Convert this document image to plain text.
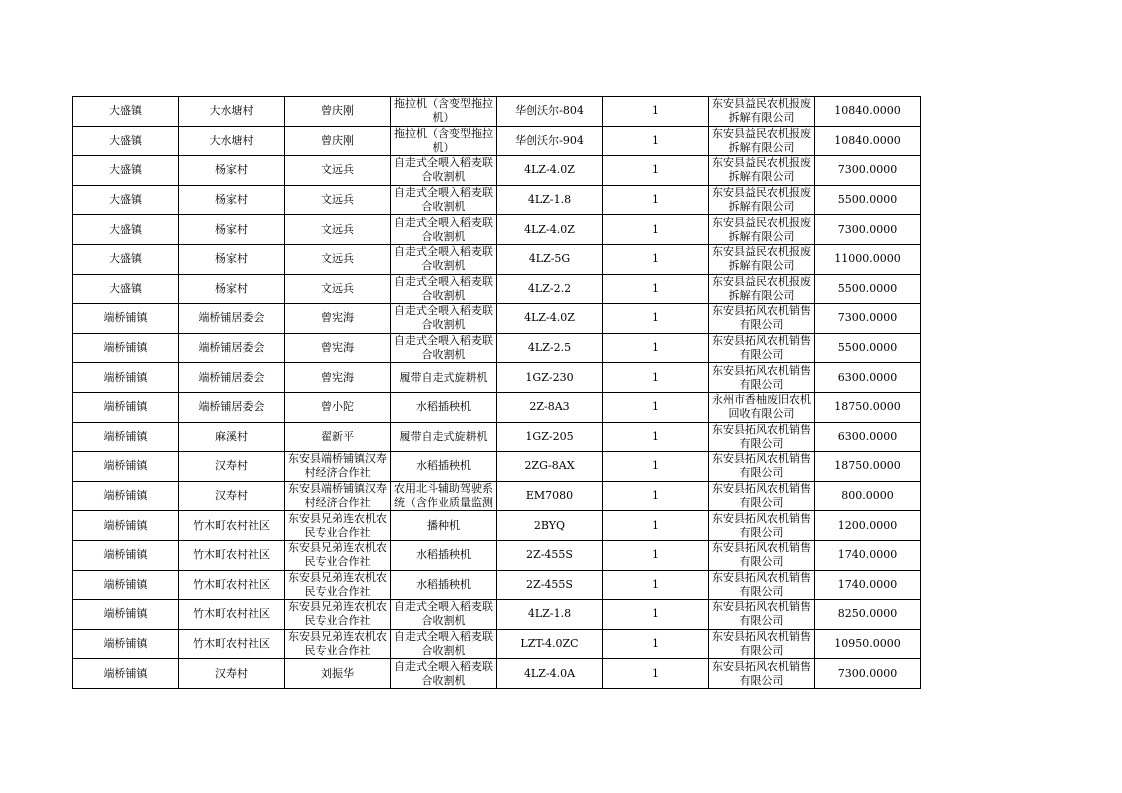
大盛镇	大水塘村	曾庆刚	拖拉机（含变型拖拉机）	华创沃尔-804	1	东安县益民农机报废拆解有限公司	10840.0000
大盛镇	大水塘村	曾庆刚	拖拉机（含变型拖拉机）	华创沃尔-904	1	东安县益民农机报废拆解有限公司	10840.0000
大盛镇	杨家村	文远兵	自走式全喂入稻麦联合收割机	4LZ-4.0Z	1	东安县益民农机报废拆解有限公司	7300.0000
大盛镇	杨家村	文远兵	自走式全喂入稻麦联合收割机	4LZ-1.8	1	东安县益民农机报废拆解有限公司	5500.0000
大盛镇	杨家村	文远兵	自走式全喂入稻麦联合收割机	4LZ-4.0Z	1	东安县益民农机报废拆解有限公司	7300.0000
大盛镇	杨家村	文远兵	自走式全喂入稻麦联合收割机	4LZ-5G	1	东安县益民农机报废拆解有限公司	11000.0000
大盛镇	杨家村	文远兵	自走式全喂入稻麦联合收割机	4LZ-2.2	1	东安县益民农机报废拆解有限公司	5500.0000
端桥铺镇	端桥铺居委会	曾宪海	自走式全喂入稻麦联合收割机	4LZ-4.0Z	1	东安县拓风农机销售有限公司	7300.0000
端桥铺镇	端桥铺居委会	曾宪海	自走式全喂入稻麦联合收割机	4LZ-2.5	1	东安县拓风农机销售有限公司	5500.0000
端桥铺镇	端桥铺居委会	曾宪海	履带自走式旋耕机	1GZ-230	1	东安县拓风农机销售有限公司	6300.0000
端桥铺镇	端桥铺居委会	曾小陀	水稻插秧机	2Z-8A3	1	永州市香柚废旧农机回收有限公司	18750.0000
端桥铺镇	麻溪村	翟新平	履带自走式旋耕机	1GZ-205	1	东安县拓风农机销售有限公司	6300.0000
端桥铺镇	汉寿村	东安县端桥铺镇汉寿村经济合作社	水稻插秧机	2ZG-8AX	1	东安县拓风农机销售有限公司	18750.0000
端桥铺镇	汉寿村	东安县端桥铺镇汉寿村经济合作社	农用北斗辅助驾驶系统（含作业质量监测	EM7080	1	东安县拓风农机销售有限公司	800.0000
端桥铺镇	竹木町农村社区	东安县兄弟连农机农民专业合作社	播种机	2BYQ	1	东安县拓风农机销售有限公司	1200.0000
端桥铺镇	竹木町农村社区	东安县兄弟连农机农民专业合作社	水稻插秧机	2Z-455S	1	东安县拓风农机销售有限公司	1740.0000
端桥铺镇	竹木町农村社区	东安县兄弟连农机农民专业合作社	水稻插秧机	2Z-455S	1	东安县拓风农机销售有限公司	1740.0000
端桥铺镇	竹木町农村社区	东安县兄弟连农机农民专业合作社	自走式全喂入稻麦联合收割机	4LZ-1.8	1	东安县拓风农机销售有限公司	8250.0000
端桥铺镇	竹木町农村社区	东安县兄弟连农机农民专业合作社	自走式全喂入稻麦联合收割机	LZT-4.0ZC	1	东安县拓风农机销售有限公司	10950.0000
端桥铺镇	汉寿村	刘振华	自走式全喂入稻麦联合收割机	4LZ-4.0A	1	东安县拓风农机销售有限公司	7300.0000
